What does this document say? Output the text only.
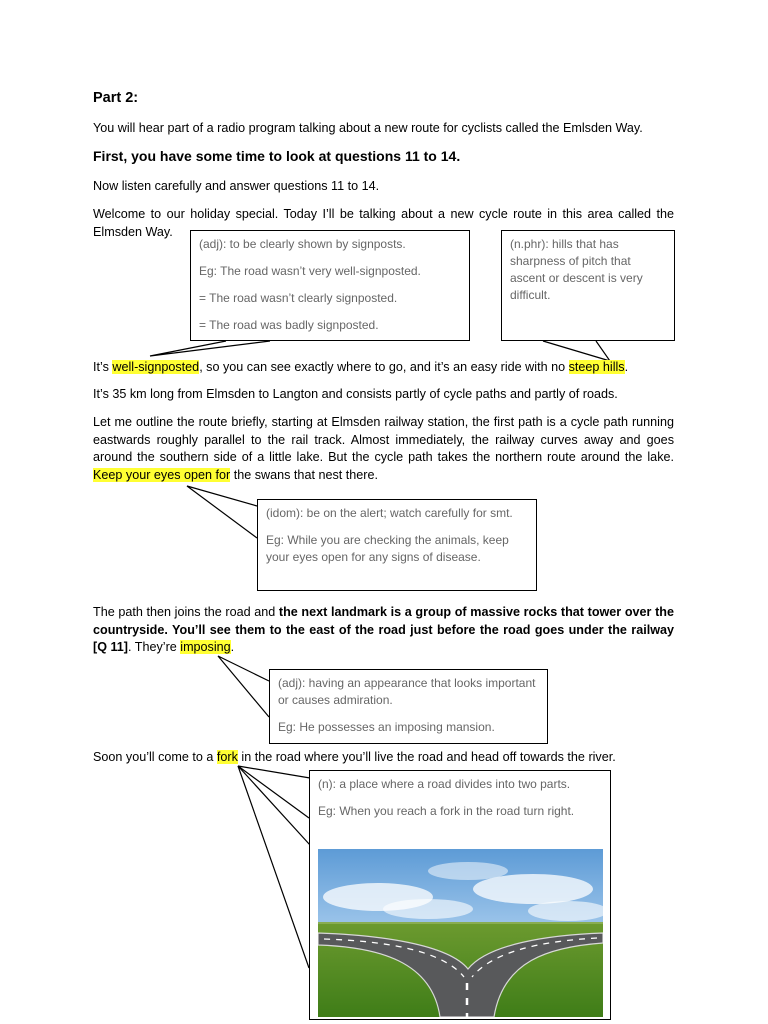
Part 2:

You will hear part of a radio program talking about a new route for cyclists called the Emlsden Way.

First, you have some time to look at questions 11 to 14.

Now listen carefully and answer questions 11 to 14.

Welcome to our holiday special. Today I’ll be talking about a new cycle route in this area called the Elmsden Way.

(adj): to be clearly shown by signposts.

Eg: The road wasn’t very well-signposted.

= The road wasn’t clearly signposted.

= The road was badly signposted.

(n.phr): hills that has sharpness of pitch that ascent or descent is very difficult.

It’s well-signposted, so you can see exactly where to go, and it’s an easy ride with no steep hills.

It’s 35 km long from Elmsden to Langton and consists partly of cycle paths and partly of roads.

Let me outline the route briefly, starting at Elmsden railway station, the first path is a cycle path running eastwards roughly parallel to the rail track. Almost immediately, the railway curves away and goes around the southern side of a little lake. But the cycle path takes the northern route around the lake. Keep your eyes open for the swans that nest there.

(idom): be on the alert; watch carefully for smt.

Eg: While you are checking the animals, keep your eyes open for any signs of disease.

The path then joins the road and the next landmark is a group of massive rocks that tower over the countryside. You’ll see them to the east of the road just before the road goes under the railway [Q 11]. They’re imposing.

(adj): having an appearance that looks important or causes admiration.

Eg: He possesses an imposing mansion.

Soon you’ll come to a fork in the road where you’ll live the road and head off towards the river.

(n): a place where a road divides into two parts.

Eg: When you reach a fork in the road turn right.
